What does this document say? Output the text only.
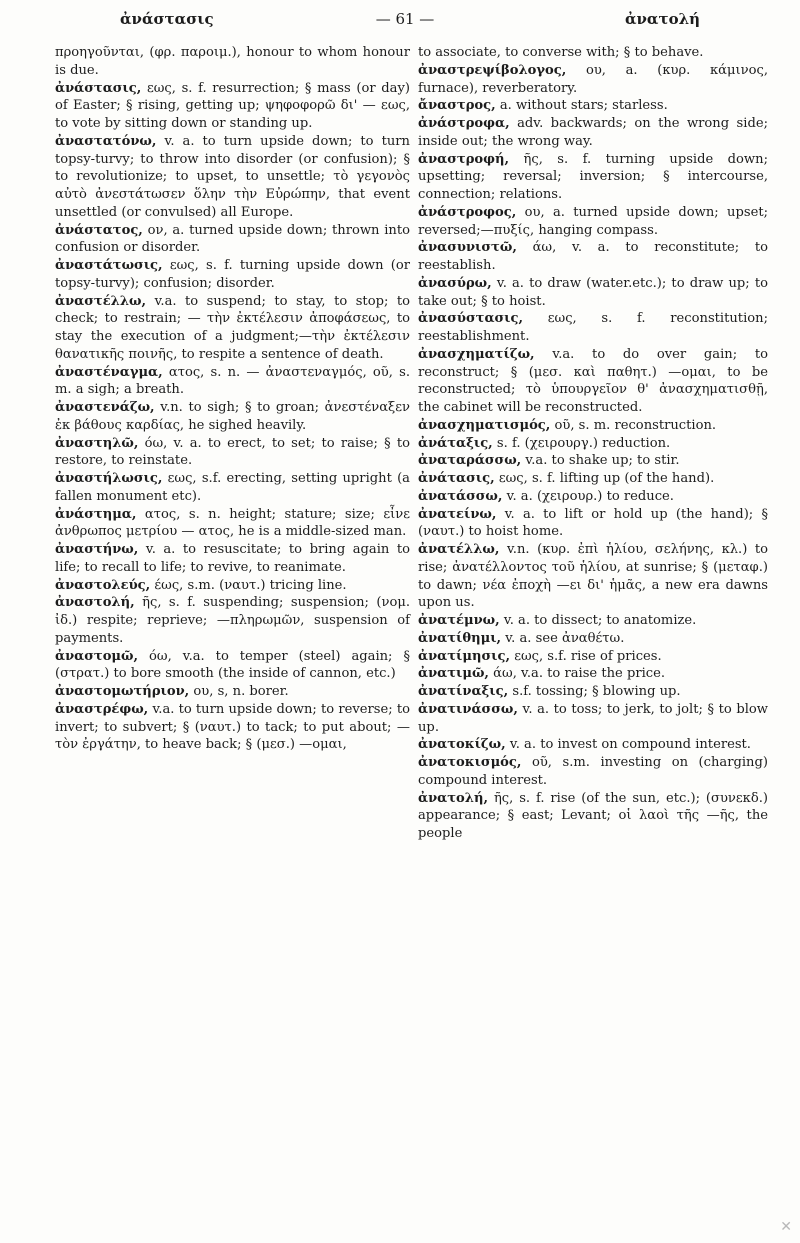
ἀνάστασις	— 61 —	ἀνατολή
προηγοῦνται, (φρ. παροιμ.), honour to whom honour is due.
ἀνάστασις, εως, s. f. resurrection; § mass (or day) of Easter; § rising, getting up; ψηφοφορῶ δι' — εως, to vote by sitting down or standing up.
ἀναστατόνω, v. a. to turn upside down; to turn topsy-turvy; to throw into disorder (or confusion); § to revolutionize; to upset, to unsettle; τὸ γεγονὸς αὐτὸ ἀνεστάτωσεν ὅλην τὴν Εὐρώπην, that event unsettled (or convulsed) all Europe.
ἀνάστατος, ον, a. turned upside down; thrown into confusion or disorder.
ἀναστάτωσις, εως, s. f. turning upside down (or topsy-turvy); confusion; disorder.
ἀναστέλλω, v.a. to suspend; to stay, to stop; to check; to restrain; — τὴν ἐκτέλεσιν ἀποφάσεως, to stay the execution of a judgment;—τὴν ἐκτέλεσιν θανατικῆς ποινῆς, to respite a sentence of death.
ἀναστέναγμα, ατος, s. n. — ἀναστεναγμός, οῦ, s. m. a sigh; a breath.
ἀναστενάζω, v.n. to sigh; § to groan; ἀνεστέναξεν ἐκ βάθους καρδίας, he sighed heavily.
ἀναστηλῶ, όω, v. a. to erect, to set; to raise; § to restore, to reinstate.
ἀναστήλωσις, εως, s.f. erecting, setting upright (a fallen monument etc).
ἀνάστημα, ατος, s. n. height; stature; size; εἶνε ἀνθρωπος μετρίου — ατος, he is a middle-sized man.
ἀναστήνω, v. a. to resuscitate; to bring again to life; to recall to life; to revive, to reanimate.
ἀναστολεύς, έως, s.m. (ναυτ.) tricing line.
ἀναστολή, ῆς, s. f. suspending; suspension; (νομ. ἰδ.) respite; reprieve; —πληρωμῶν, suspension of payments.
ἀναστομῶ, όω, v.a. to temper (steel) again; § (στρατ.) to bore smooth (the inside of cannon, etc.)
ἀναστομωτήριον, ου, s, n. borer.
ἀναστρέφω, v.a. to turn upside down; to reverse; to invert; to subvert; § (ναυτ.) to tack; to put about; —τὸν ἐργάτην, to heave back; § (μεσ.) —ομαι,
to associate, to converse with; § to behave.
ἀναστρεψίβολογος, ου, a. (κυρ. κάμινος, furnace), reverberatory.
ἄναστρος, a. without stars; starless.
ἀνάστροφα, adv. backwards; on the wrong side; inside out; the wrong way.
ἀναστροφή, ῆς, s. f. turning upside down; upsetting; reversal; inversion; § intercourse, connection; relations.
ἀνάστροφος, ου, a. turned upside down; upset; reversed;—πυξίς, hanging compass.
ἀνασυνιστῶ, άω, v. a. to reconstitute; to reestablish.
ἀνασύρω, v. a. to draw (water.etc.); to draw up; to take out; § to hoist.
ἀνασύστασις, εως, s. f. reconstitution; reestablishment.
ἀνασχηματίζω, v.a. to do over gain; to reconstruct; § (μεσ. καὶ παθητ.) —ομαι, to be reconstructed; τὸ ὑπουργεῖον θ' ἀνασχηματισθῇ, the cabinet will be reconstructed.
ἀνασχηματισμός, οῦ, s. m. reconstruction.
ἀνάταξις, s. f. (χειρουργ.) reduction.
ἀναταράσσω, v.a. to shake up; to stir.
ἀνάτασις, εως, s. f. lifting up (of the hand).
ἀνατάσσω, v. a. (χειρουρ.) to reduce.
ἀνατείνω, v. a. to lift or hold up (the hand); § (ναυτ.) to hoist home.
ἀνατέλλω, v.n. (κυρ. ἐπὶ ἡλίου, σελήνης, κλ.) to rise; ἀνατέλλοντος τοῦ ἡλίου, at sunrise; § (μεταφ.) to dawn; νέα ἐποχὴ —ει δι' ἡμᾶς, a new era dawns upon us.
ἀνατέμνω, v. a. to dissect; to anatomize.
ἀνατίθημι, v. a. see ἀναθέτω.
ἀνατίμησις, εως, s.f. rise of prices.
ἀνατιμῶ, άω, v.a. to raise the price.
ἀνατίναξις, s.f. tossing; § blowing up.
ἀνατινάσσω, v. a. to toss; to jerk, to jolt; § to blow up.
ἀνατοκίζω, v. a. to invest on compound interest.
ἀνατοκισμός, οῦ, s.m. investing on (charging) compound interest.
ἀνατολή, ῆς, s. f. rise (of the sun, etc.); (συνεκδ.) appearance; § east; Levant; οἱ λαοὶ τῆς —ῆς, the people
✕
